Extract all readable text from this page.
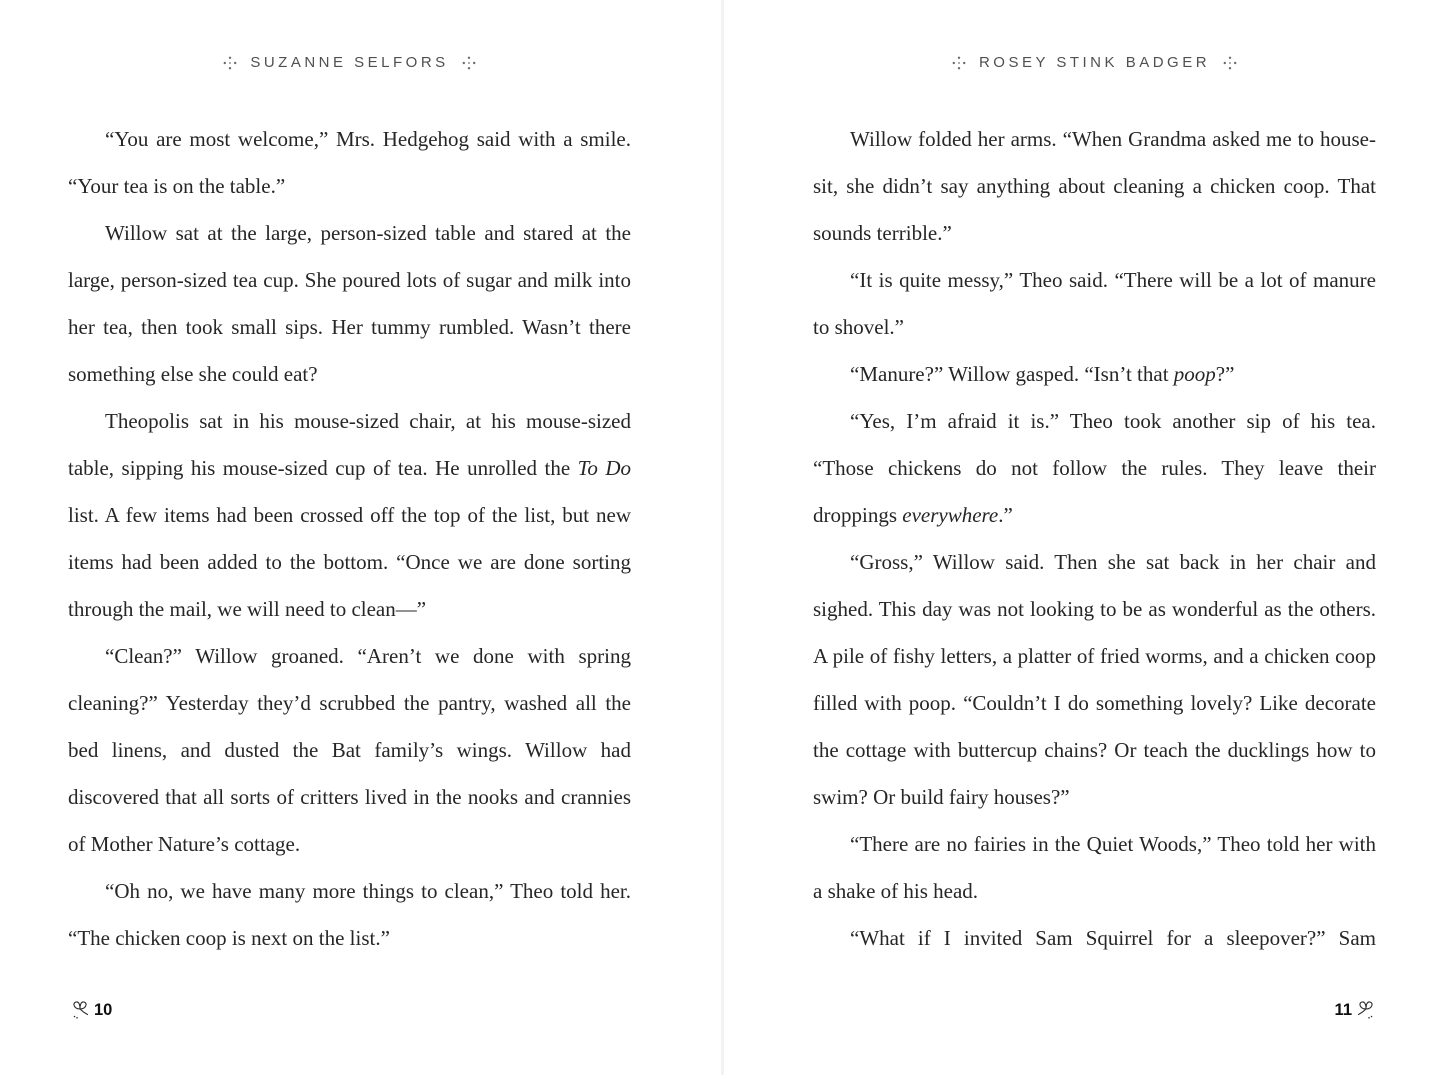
SUZANNE SELFORS

“You are most welcome,” Mrs. Hedgehog said with a smile. “Your tea is on the table.”

Willow sat at the large, person-sized table and stared at the large, person-sized tea cup. She poured lots of sugar and milk into her tea, then took small sips. Her tummy rumbled. Wasn’t there something else she could eat?

Theopolis sat in his mouse-sized chair, at his mouse-sized table, sipping his mouse-sized cup of tea. He unrolled the To Do list. A few items had been crossed off the top of the list, but new items had been added to the bottom. “Once we are done sorting through the mail, we will need to clean—”

“Clean?” Willow groaned. “Aren’t we done with spring cleaning?” Yesterday they’d scrubbed the pantry, washed all the bed linens, and dusted the Bat family’s wings. Willow had discovered that all sorts of critters lived in the nooks and crannies of Mother Nature’s cottage.

“Oh no, we have many more things to clean,” Theo told her. “The chicken coop is next on the list.”

10
ROSEY STINK BADGER

Willow folded her arms. “When Grandma asked me to house-sit, she didn’t say anything about cleaning a chicken coop. That sounds terrible.”

“It is quite messy,” Theo said. “There will be a lot of manure to shovel.”

“Manure?” Willow gasped. “Isn’t that poop?”

“Yes, I’m afraid it is.” Theo took another sip of his tea. “Those chickens do not follow the rules. They leave their droppings everywhere.”

“Gross,” Willow said. Then she sat back in her chair and sighed. This day was not looking to be as wonderful as the others. A pile of fishy letters, a platter of fried worms, and a chicken coop filled with poop. “Couldn’t I do something lovely? Like decorate the cottage with buttercup chains? Or teach the ducklings how to swim? Or build fairy houses?”

“There are no fairies in the Quiet Woods,” Theo told her with a shake of his head.

“What if I invited Sam Squirrel for a sleepover?” Sam

11
